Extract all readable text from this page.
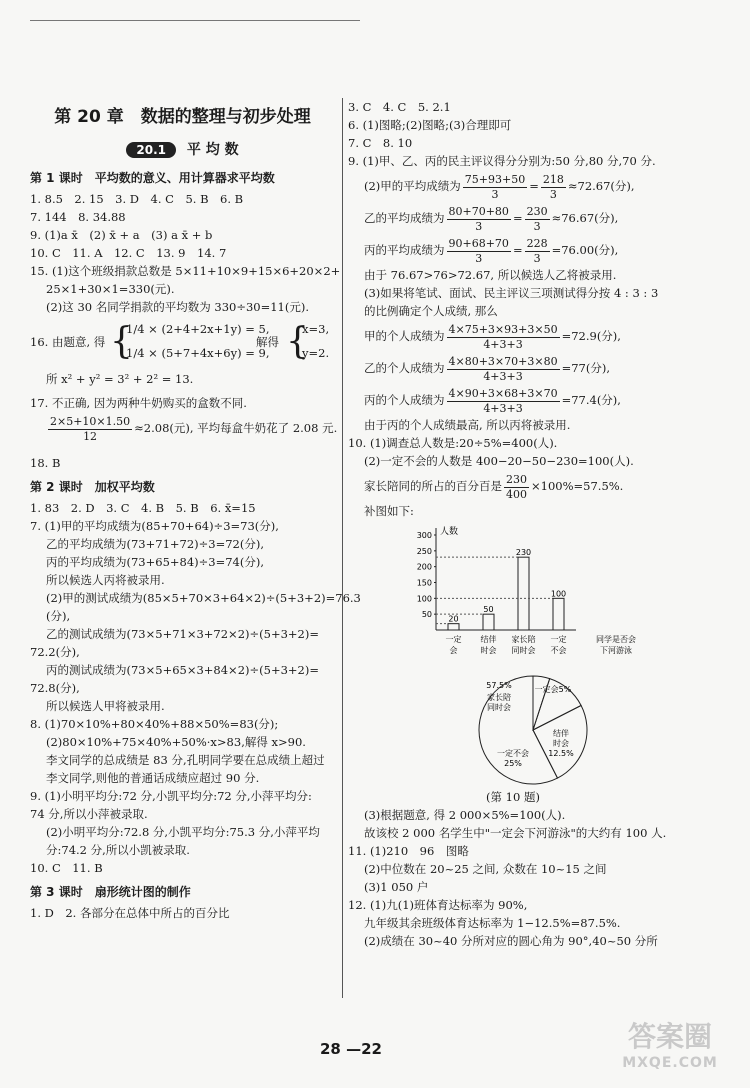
第 20 章　数据的整理与初步处理
20.1 平 均 数
第 1 课时　平均数的意义、用计算器求平均数
1. 8.5　2. 15　3. D　4. C　5. B　6. B
7. 144　8. 34.88
9. (1)a x̄　(2) x̄ + a　(3) a x̄ + b
10. C　11. A　12. C　13. 9　14. 7
15. (1)这个班级捐款总数是 5×11+10×9+15×6+20×2+
25×1+30×1=330(元).
(2)这 30 名同学捐款的平均数为 330÷30=11(元).
16. 由题意, 得 {
1/4 × (2+4+2x+1y) = 5,
1/4 × (5+7+4x+6y) = 9,
解得 {
x=3,
y=2.
所 x² + y² = 3² + 2² = 13.
17. 不正确, 因为两种牛奶购买的盒数不同.
$\frac{2\times 5+10\times 1.50}{12} \approx 2.08$(元), 平均每盒牛奶花了 2.08 元.
18. B
第 2 课时　加权平均数
1. 83　2. D　3. C　4. B　5. B　6. x̄=15
7. (1)甲的平均成绩为(85+70+64)÷3=73(分),
乙的平均成绩为(73+71+72)÷3=72(分),
丙的平均成绩为(73+65+84)÷3=74(分),
所以候选人丙将被录用.
(2)甲的测试成绩为(85×5+70×3+64×2)÷(5+3+2)=76.3
(分),
乙的测试成绩为(73×5+71×3+72×2)÷(5+3+2)=
72.2(分),
丙的测试成绩为(73×5+65×3+84×2)÷(5+3+2)=
72.8(分),
所以候选人甲将被录用.
8. (1)70×10%+80×40%+88×50%=83(分);
(2)80×10%+75×40%+50%·x>83,解得 x>90.
李文同学的总成绩是 83 分,孔明同学要在总成绩上超过
李文同学,则他的普通话成绩应超过 90 分.
9. (1)小明平均分:72 分,小凯平均分:72 分,小萍平均分:
74 分,所以小萍被录取.
(2)小明平均分:72.8 分,小凯平均分:75.3 分,小萍平均
分:74.2 分,所以小凯被录取.
10. C　11. B
第 3 课时　扇形统计图的制作
1. D　2. 各部分在总体中所占的百分比
3. C　4. C　5. 2.1
6. (1)图略;(2)图略;(3)合理即可
7. C　8. 10
9. (1)甲、乙、丙的民主评议得分分别为:50 分,80 分,70 分.
(2)甲的平均成绩为 $\frac{75+93+50}{3} = \frac{218}{3} \approx 72.67$(分),
乙的平均成绩为 $\frac{80+70+80}{3} = \frac{230}{3} \approx 76.67$(分),
丙的平均成绩为 $\frac{90+68+70}{3} = \frac{228}{3} =76.00$(分),
由于 76.67>76>72.67, 所以候选人乙将被录用.
(3)如果将笔试、面试、民主评议三项测试得分按 4 : 3 : 3
的比例确定个人成绩, 那么
甲的个人成绩为 $\frac{4\times 75+3\times 93+3\times 50}{4+3+3} =72.9$(分),
乙的个人成绩为 $\frac{4\times 80+3\times 70+3\times 80}{4+3+3} =77$(分),
丙的个人成绩为 $\frac{4\times 90+3\times 68+3\times 70}{4+3+3} =77.4$(分),
由于丙的个人成绩最高, 所以丙将被录用.
10. (1)调查总人数是:20÷5%=400(人).
(2)一定不会的人数是 400−20−50−230=100(人).
家长陪同的所占的百分百是 $\frac{230}{400} \times 100\%=57.5\%$.
补图如下:
人数
50
100
150
200
250
300
20
一定
会
50
结伴
时会
230
家长陪
同时会
100
一定
不会
同学是否会
下河游泳
一定会5%
结伴
时会
12.5%
一定不会
25%
家长陪
同时会
57.5%
(第 10 题)
(3)根据题意, 得 2 000×5%=100(人).
故该校 2 000 名学生中"一定会下河游泳"的大约有 100 人.
11. (1)210　96　图略
(2)中位数在 20~25 之间, 众数在 10~15 之间
(3)1 050 户
12. (1)九(1)班体育达标率为 90%,
九年级其余班级体育达标率为 1−12.5%=87.5%.
(2)成绩在 30~40 分所对应的圆心角为 90°,40~50 分所
28 —22	答案圈
MXQE.COM
